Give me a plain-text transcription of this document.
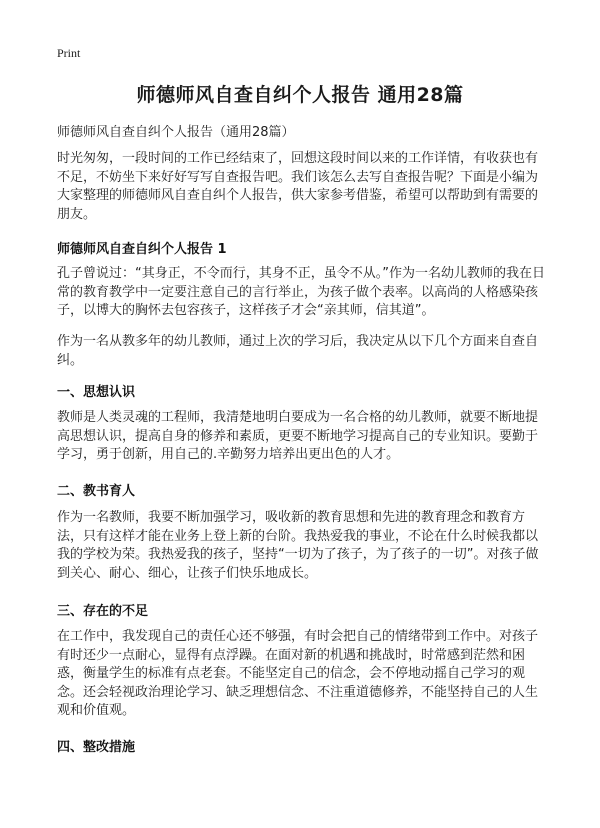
Print
师德师风自查自纠个人报告 通用28篇
师德师风自查自纠个人报告（通用28篇）

时光匆匆，一段时间的工作已经结束了，回想这段时间以来的工作详情，有收获也有不足，不妨坐下来好好写写自查报告吧。我们该怎么去写自查报告呢？下面是小编为大家整理的师德师风自查自纠个人报告，供大家参考借鉴，希望可以帮助到有需要的朋友。

师德师风自查自纠个人报告 1

孔子曾说过：“其身正，不令而行，其身不正，虽令不从。”作为一名幼儿教师的我在日常的教育教学中一定要注意自己的言行举止，为孩子做个表率。以高尚的人格感染孩子，以博大的胸怀去包容孩子，这样孩子才会“亲其师，信其道”。

作为一名从教多年的幼儿教师，通过上次的学习后，我决定从以下几个方面来自查自纠。

一、思想认识

教师是人类灵魂的工程师，我清楚地明白要成为一名合格的幼儿教师，就要不断地提高思想认识，提高自身的修养和素质，更要不断地学习提高自己的专业知识。要勤于学习，勇于创新，用自己的.辛勤努力培养出更出色的人才。

二、教书育人

作为一名教师，我要不断加强学习，吸收新的教育思想和先进的教育理念和教育方法，只有这样才能在业务上登上新的台阶。我热爱我的事业，不论在什么时候我都以我的学校为荣。我热爱我的孩子，坚持“一切为了孩子，为了孩子的一切”。对孩子做到关心、耐心、细心，让孩子们快乐地成长。

三、存在的不足

在工作中，我发现自己的责任心还不够强，有时会把自己的情绪带到工作中。对孩子有时还少一点耐心，显得有点浮躁。在面对新的机遇和挑战时，时常感到茫然和困惑，衡量学生的标准有点老套。不能坚定自己的信念，会不停地动摇自己学习的观念。还会轻视政治理论学习、缺乏理想信念、不注重道德修养，不能坚持自己的人生观和价值观。

四、整改措施
